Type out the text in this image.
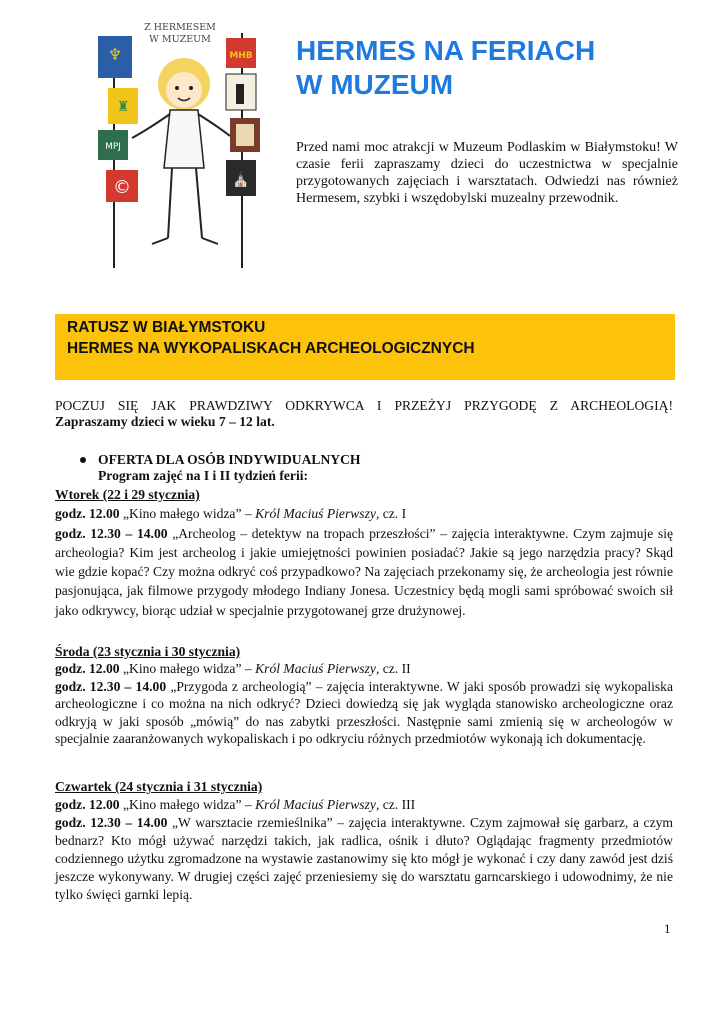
♆
♜
MPJ
©
Z HERMESEM
W MUZEUM
MHB
⛪
HERMES NA FERIACH
W MUZEUM
Przed nami moc atrakcji w Muzeum Podlaskim w Białymstoku! W czasie ferii zapraszamy dzieci do uczestnictwa w specjalnie przygotowanych zajęciach i warsztatach. Odwiedzi nas również Hermesem, szybki i wszędobylski muzealny przewodnik.
RATUSZ W BIAŁYMSTOKU
HERMES NA WYKOPALISKACH ARCHEOLOGICZNYCH
POCZUJ SIĘ JAK PRAWDZIWY ODKRYWCA I PRZEŻYJ PRZYGODĘ Z ARCHEOLOGIĄ!
Zapraszamy dzieci w wieku 7 – 12 lat.
OFERTA DLA OSÓB INDYWIDUALNYCH
Program zajęć na I i II tydzień ferii:
Wtorek (22 i 29 stycznia)
godz. 12.00 „Kino małego widza” – Król Maciuś Pierwszy, cz. I
godz. 12.30 – 14.00 „Archeolog – detektyw na tropach przeszłości” – zajęcia interaktywne. Czym zajmuje się archeologia? Kim jest archeolog i jakie umiejętności powinien posiadać? Jakie są jego narzędzia pracy? Skąd wie gdzie kopać? Czy można odkryć coś przypadkowo? Na zajęciach przekonamy się, że archeologia jest równie pasjonująca, jak filmowe przygody młodego Indiany Jonesa. Uczestnicy będą mogli sami spróbować swoich sił jako odkrywcy, biorąc udział w specjalnie przygotowanej grze drużynowej.
Środa (23 stycznia i 30 stycznia)
godz. 12.00 „Kino małego widza” – Król Maciuś Pierwszy, cz. II
godz. 12.30 – 14.00 „Przygoda z archeologią” – zajęcia interaktywne. W jaki sposób prowadzi się wykopaliska archeologiczne i co można na nich odkryć? Dzieci dowiedzą się jak wygląda stanowisko archeologiczne oraz odkryją w jaki sposób „mówią” do nas zabytki przeszłości. Następnie sami zmienią się w archeologów w specjalnie zaaranżowanych wykopaliskach i po odkryciu różnych przedmiotów wykonają ich dokumentację.
Czwartek (24 stycznia i 31 stycznia)
godz. 12.00 „Kino małego widza” – Król Maciuś Pierwszy, cz. III
godz. 12.30 – 14.00 „W warsztacie rzemieślnika” – zajęcia interaktywne. Czym zajmował się garbarz, a czym bednarz? Kto mógł używać narzędzi takich, jak radlica, ośnik i dłuto? Oglądając fragmenty przedmiotów codziennego użytku zgromadzone na wystawie zastanowimy się kto mógł je wykonać i czy dany zawód jest dziś jeszcze wykonywany. W drugiej części zajęć przeniesiemy się do warsztatu garncarskiego i udowodnimy, że nie tylko święci garnki lepią.
1
